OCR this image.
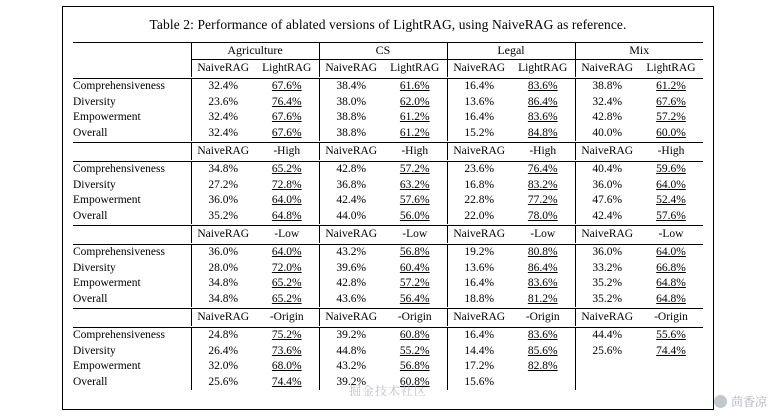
Table 2: Performance of ablated versions of LightRAG, using NaiveRAG as reference.

	Agriculture		CS		Legal		Mix	

	NaiveRAG	LightRAG	NaiveRAG	LightRAG	NaiveRAG	LightRAG	NaiveRAG	LightRAG

Comprehensiveness	32.4%	67.6%	38.4%	61.6%	16.4%	83.6%	38.8%	61.2%
Diversity	23.6%	76.4%	38.0%	62.0%	13.6%	86.4%	32.4%	67.6%
Empowerment	32.4%	67.6%	38.8%	61.2%	16.4%	83.6%	42.8%	57.2%
Overall	32.4%	67.6%	38.8%	61.2%	15.2%	84.8%	40.0%	60.0%

	NaiveRAG	-High	NaiveRAG	-High	NaiveRAG	-High	NaiveRAG	-High

Comprehensiveness	34.8%	65.2%	42.8%	57.2%	23.6%	76.4%	40.4%	59.6%
Diversity	27.2%	72.8%	36.8%	63.2%	16.8%	83.2%	36.0%	64.0%
Empowerment	36.0%	64.0%	42.4%	57.6%	22.8%	77.2%	47.6%	52.4%
Overall	35.2%	64.8%	44.0%	56.0%	22.0%	78.0%	42.4%	57.6%

	NaiveRAG	-Low	NaiveRAG	-Low	NaiveRAG	-Low	NaiveRAG	-Low

Comprehensiveness	36.0%	64.0%	43.2%	56.8%	19.2%	80.8%	36.0%	64.0%
Diversity	28.0%	72.0%	39.6%	60.4%	13.6%	86.4%	33.2%	66.8%
Empowerment	34.8%	65.2%	42.8%	57.2%	16.4%	83.6%	35.2%	64.8%
Overall	34.8%	65.2%	43.6%	56.4%	18.8%	81.2%	35.2%	64.8%

	NaiveRAG	-Origin	NaiveRAG	-Origin	NaiveRAG	-Origin	NaiveRAG	-Origin

Comprehensiveness	24.8%	75.2%	39.2%	60.8%	16.4%	83.6%	44.4%	55.6%
Diversity	26.4%	73.6%	44.8%	55.2%	14.4%	85.6%	25.6%	74.4%
Empowerment	32.0%	68.0%	43.2%	56.8%	17.2%	82.8%		
Overall	25.6%	74.4%	39.2%	60.8%	15.6%			
掘金技术社区
茴香凉
